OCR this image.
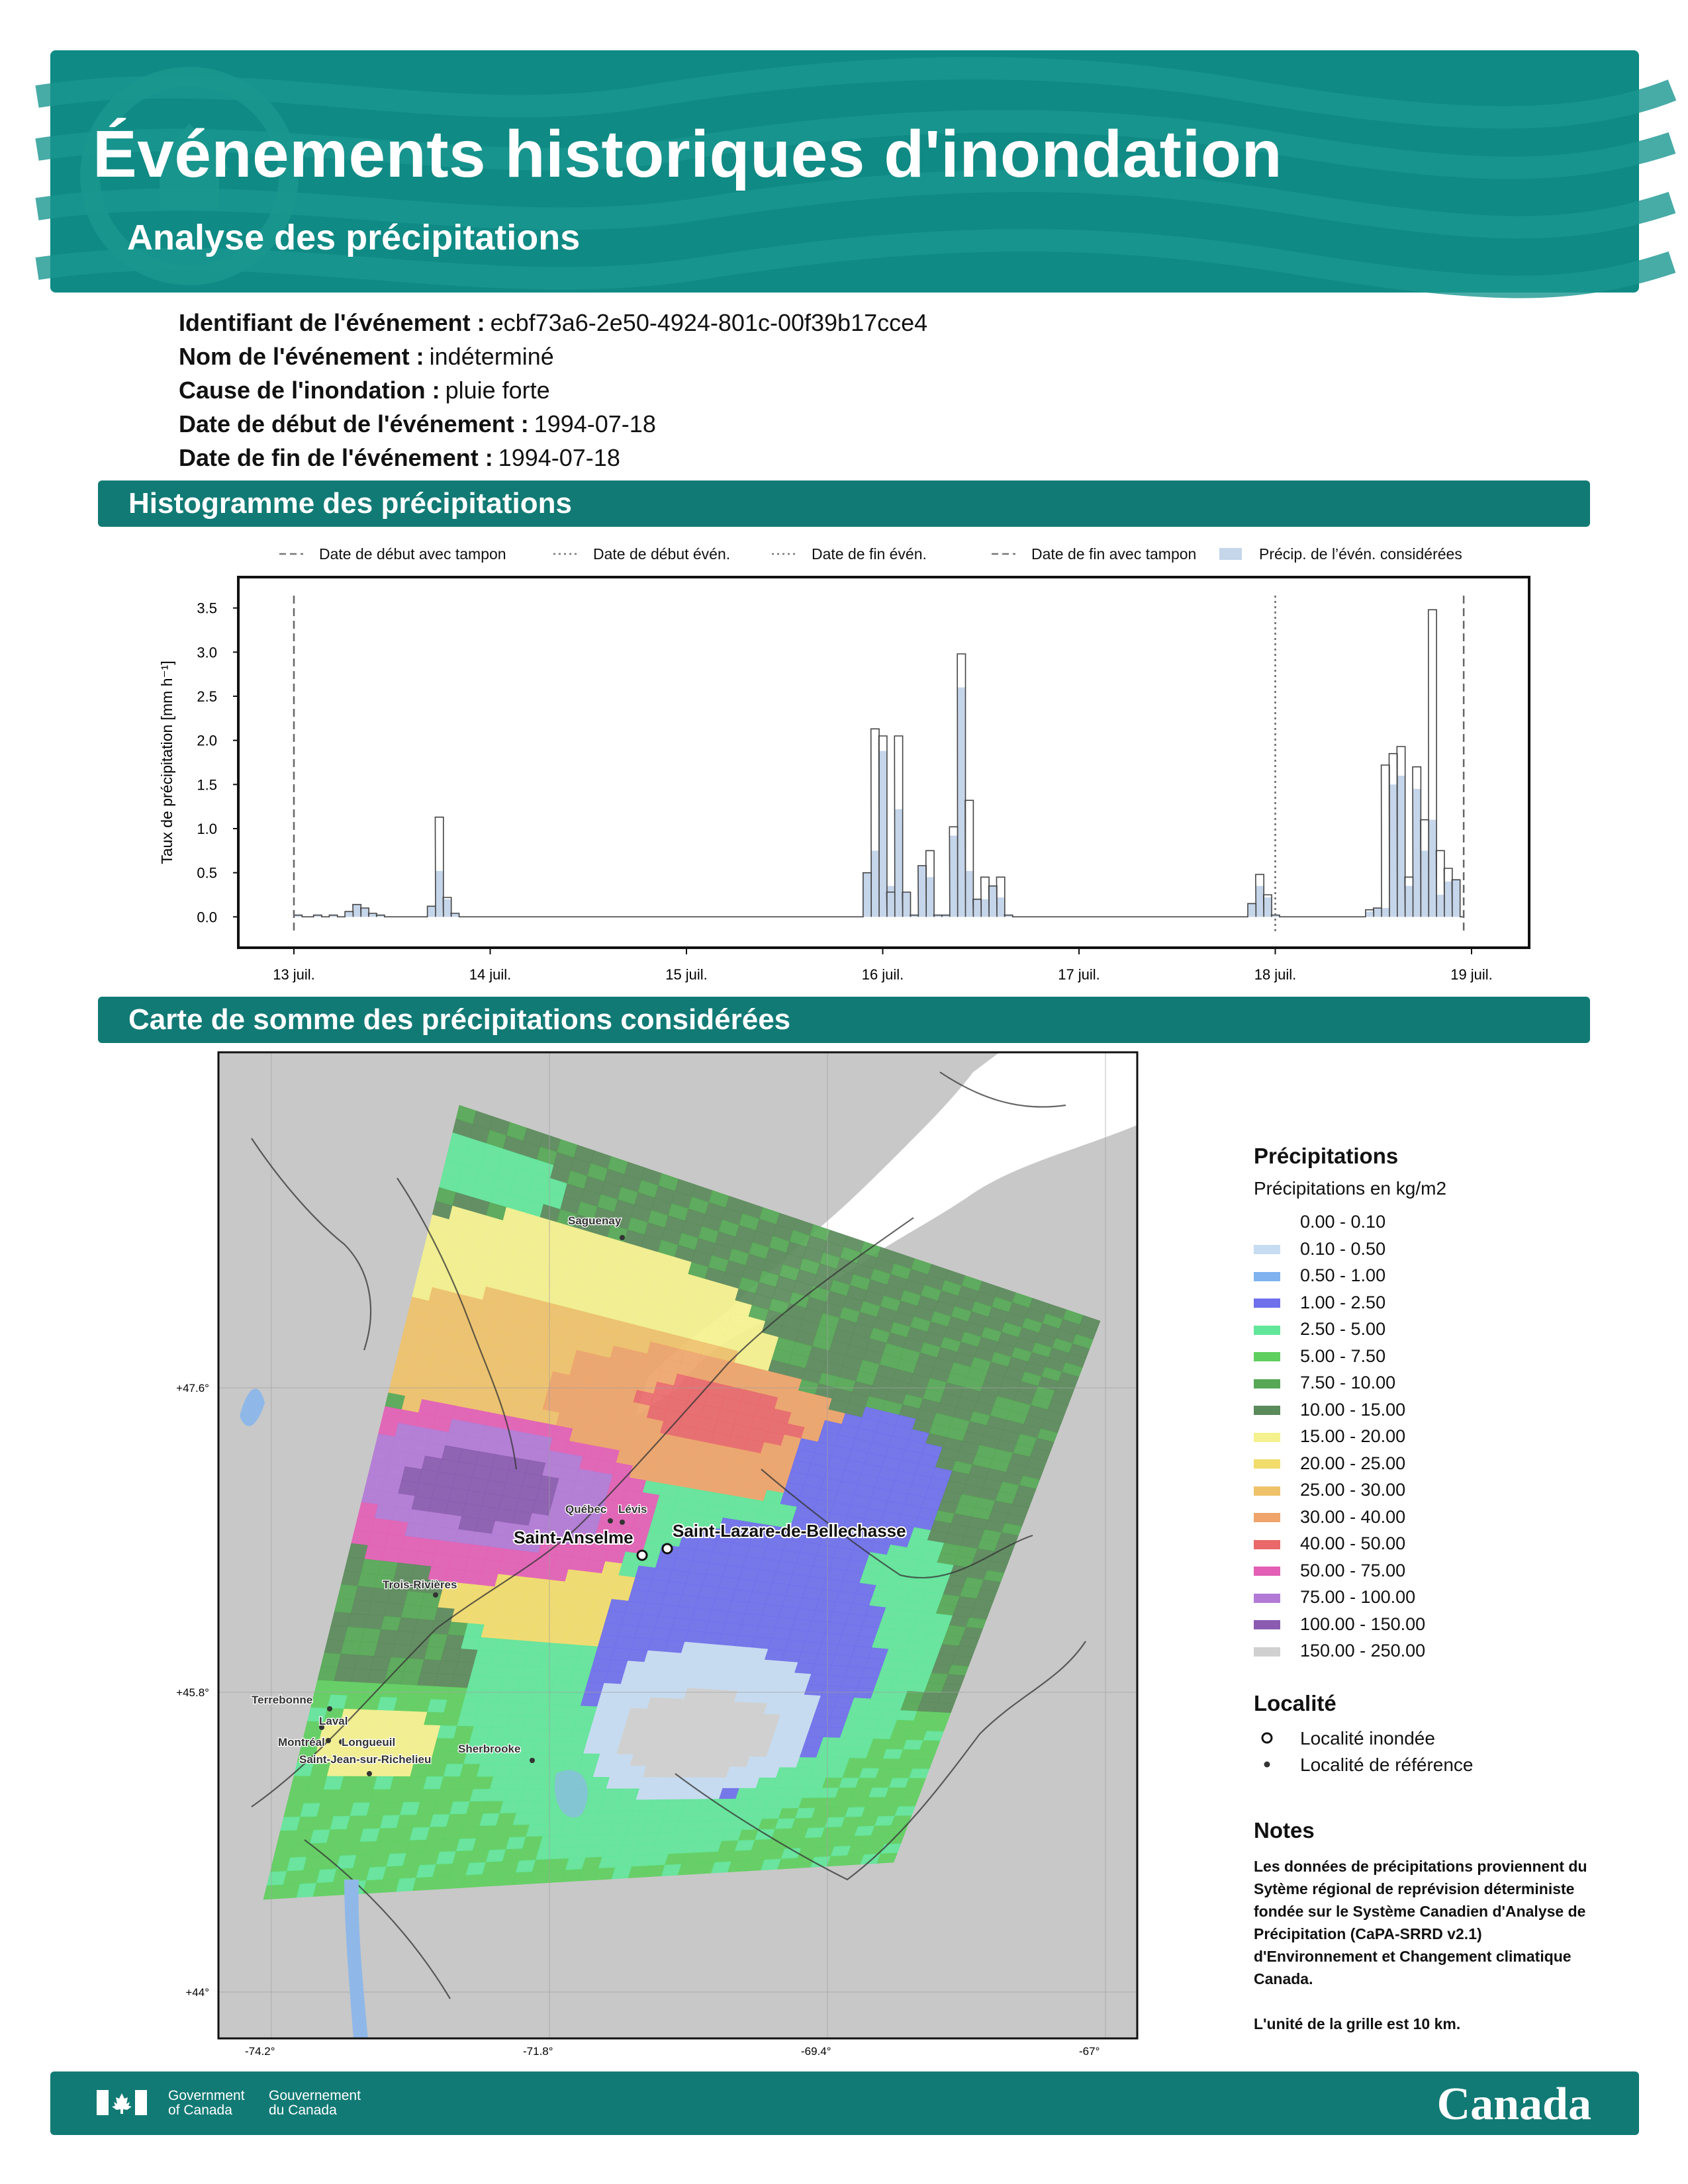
Événements historiques d'inondation
Analyse des précipitations
Identifiant de l'événement : ecbf73a6-2e50-4924-801c-00f39b17cce4
Nom de l'événement : indéterminé
Cause de l'inondation : pluie forte
Date de début de l'événement : 1994-07-18
Date de fin de l'événement : 1994-07-18
Histogramme des précipitations
Date de début avec tampon	Date de début évén.	Date de fin évén.	Date de fin avec tampon	Précip. de l’évén. considérées
0.0
0.5
1.0
1.5
2.0
2.5
3.0
3.5
13 juil.	14 juil.	15 juil.	16 juil.	17 juil.	18 juil.	19 juil.
Taux de précipitation [mm h⁻¹]
Carte de somme des précipitations considérées
Saguenay
Québec Lévis
Saint-Anselme Saint-Lazare-de-Bellechasse
Trois-Rivières
Terrebonne
Laval
Montréal Longueuil
Saint-Jean-sur-Richelieu
Sherbrooke
-74.2°	-71.8°	-69.4°	-67°
+47.6°
+45.8°
+44°
Précipitations
Précipitations en kg/m2
0.00 - 0.10
0.10 - 0.50
0.50 - 1.00
1.00 - 2.50
2.50 - 5.00
5.00 - 7.50
7.50 - 10.00
10.00 - 15.00
15.00 - 20.00
20.00 - 25.00
25.00 - 30.00
30.00 - 40.00
40.00 - 50.00
50.00 - 75.00
75.00 - 100.00
100.00 - 150.00
150.00 - 250.00
Localité
Localité inondée
Localité de référence
Notes

Les données de précipitations proviennent du Sytème régional de reprévision déterministe fondée sur le Système Canadien d'Analyse de Précipitation (CaPA-SRRD v2.1) d'Environnement et Changement climatique Canada.

L'unité de la grille est 10 km.

Government
of Canada
Gouvernement
du Canada	Canada
